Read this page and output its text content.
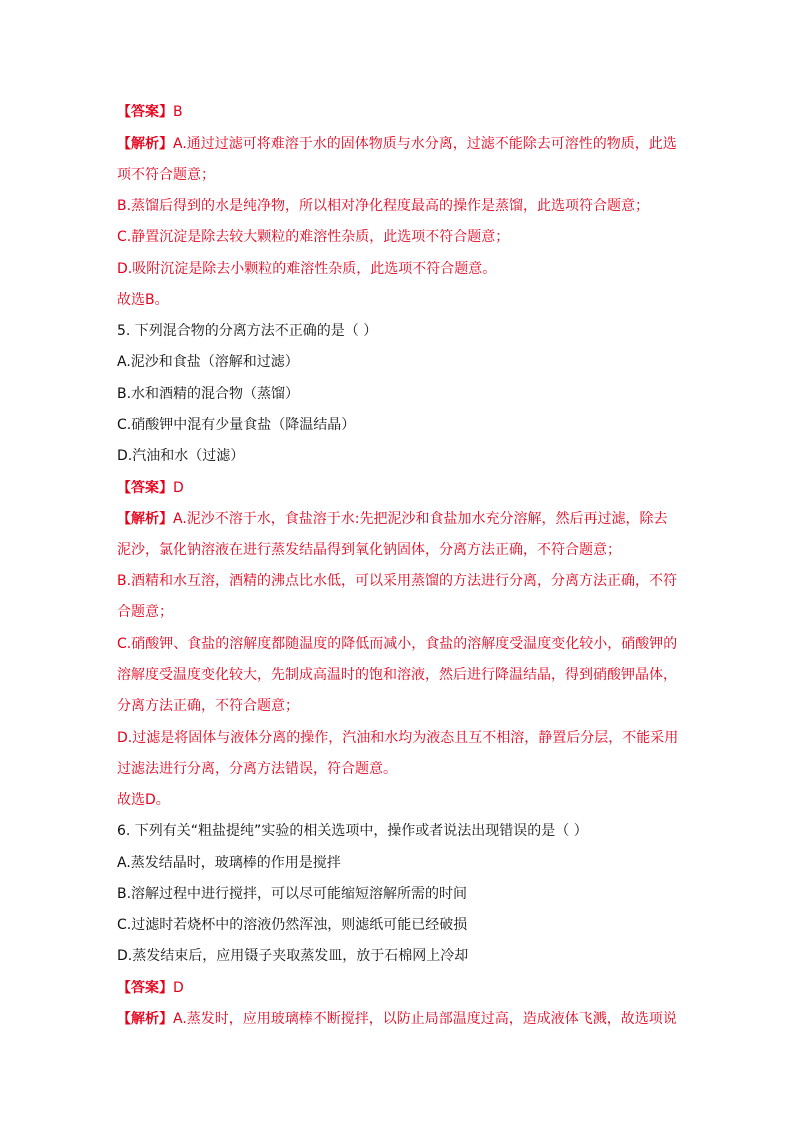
【答案】B
【解析】A.通过过滤可将难溶于水的固体物质与水分离，过滤不能除去可溶性的物质，此选
项不符合题意；
B.蒸馏后得到的水是纯净物，所以相对净化程度最高的操作是蒸馏，此选项符合题意；
C.静置沉淀是除去较大颗粒的难溶性杂质，此选项不符合题意；
D.吸附沉淀是除去小颗粒的难溶性杂质，此选项不符合题意。
故选B。
5. 下列混合物的分离方法不正确的是（ ）
A.泥沙和食盐（溶解和过滤）
B.水和酒精的混合物（蒸馏）
C.硝酸钾中混有少量食盐（降温结晶）
D.汽油和水（过滤）
【答案】D
【解析】A.泥沙不溶于水，食盐溶于水:先把泥沙和食盐加水充分溶解，然后再过滤，除去
泥沙，氯化钠溶液在进行蒸发结晶得到氧化钠固体，分离方法正确，不符合题意；
B.酒精和水互溶，酒精的沸点比水低，可以采用蒸馏的方法进行分离，分离方法正确，不符
合题意；
C.硝酸钾、食盐的溶解度都随温度的降低而减小，食盐的溶解度受温度变化较小，硝酸钾的
溶解度受温度变化较大，先制成高温时的饱和溶液，然后进行降温结晶，得到硝酸钾晶体，
分离方法正确，不符合题意；
D.过滤是将固体与液体分离的操作，汽油和水均为液态且互不相溶，静置后分层，不能采用
过滤法进行分离，分离方法错误，符合题意。
故选D。
6. 下列有关“粗盐提纯”实验的相关选项中，操作或者说法出现错误的是（ ）
A.蒸发结晶时，玻璃棒的作用是搅拌
B.溶解过程中进行搅拌，可以尽可能缩短溶解所需的时间
C.过滤时若烧杯中的溶液仍然浑浊，则滤纸可能已经破损
D.蒸发结束后，应用镊子夹取蒸发皿，放于石棉网上冷却
【答案】D
【解析】A.蒸发时，应用玻璃棒不断搅拌，以防止局部温度过高，造成液体飞溅，故选项说
